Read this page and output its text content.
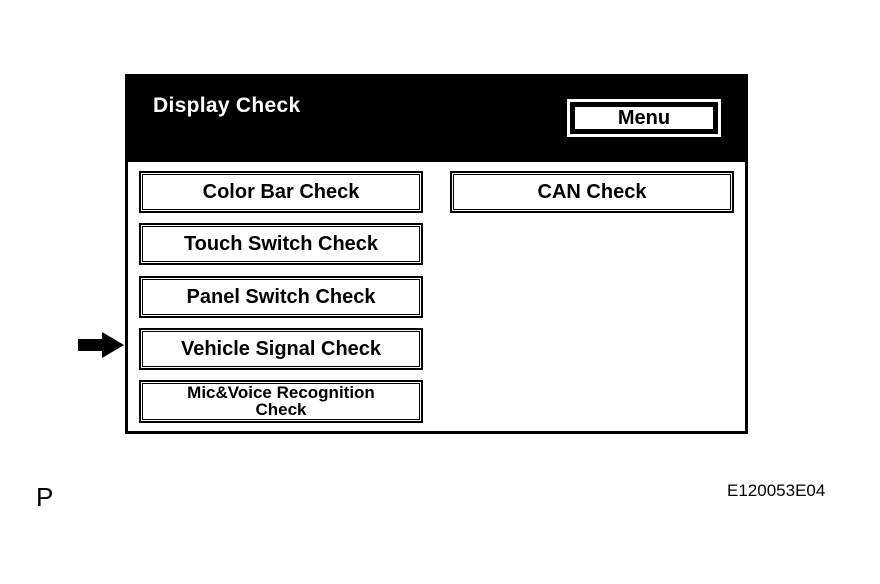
Display Check
Menu
Color Bar Check
Touch Switch Check
Panel Switch Check
Vehicle Signal Check
Mic&Voice Recognition
Check
CAN Check
P	E120053E04
